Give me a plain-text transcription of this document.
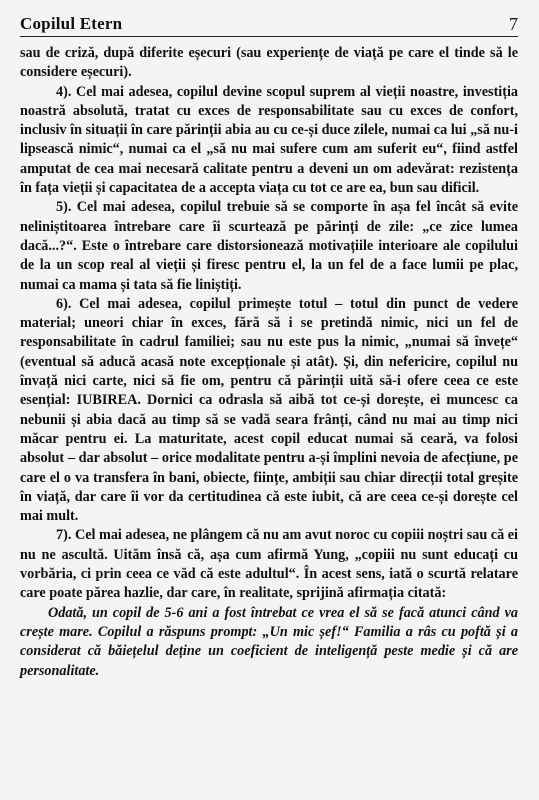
Copilul Etern	7

sau de criză, după diferite eșecuri (sau experiențe de viață pe care el tinde să le considere eșecuri).

4). Cel mai adesea, copilul devine scopul suprem al vieții noastre, investiția noastră absolută, tratat cu exces de responsabilitate sau cu exces de confort, inclusiv în situații în care părinții abia au cu ce-și duce zilele, numai ca lui „să nu-i lipsească nimic“, numai ca el „să nu mai sufere cum am suferit eu“, fiind astfel amputat de cea mai necesară calitate pentru a deveni un om adevărat: rezistența în fața vieții și capacitatea de a accepta viața cu tot ce are ea, bun sau dificil.

5). Cel mai adesea, copilul trebuie să se comporte în așa fel încât să evite neliniștitoarea întrebare care îi scurtează pe părinți de zile: „ce zice lumea dacă...?“. Este o întrebare care distorsionează motivațiile interioare ale copilului de la un scop real al vieții și firesc pentru el, la un fel de a face lumii pe plac, numai ca mama și tata să fie liniștiți.

6). Cel mai adesea, copilul primește totul – totul din punct de vedere material; uneori chiar în exces, fără să i se pretindă nimic, nici un fel de responsabilitate în cadrul familiei; sau nu este pus la nimic, „numai să învețe“ (eventual să aducă acasă note excepționale și atât). Și, din nefericire, copilul nu învață nici carte, nici să fie om, pentru că părinții uită să-i ofere ceea ce este esențial: IUBIREA. Dornici ca odrasla să aibă tot ce-și dorește, ei muncesc ca nebunii și abia dacă au timp să se vadă seara frânți, când nu mai au timp nici măcar pentru ei. La maturitate, acest copil educat numai să ceară, va folosi absolut – dar absolut – orice modalitate pentru a-și împlini nevoia de afecțiune, pe care el o va transfera în bani, obiecte, ființe, ambiții sau chiar direcții total greșite în viață, dar care îi vor da certitudinea că este iubit, că are ceea ce-și dorește cel mai mult.

7). Cel mai adesea, ne plângem că nu am avut noroc cu copiii noștri sau că ei nu ne ascultă. Uităm însă că, așa cum afirmă Yung, „copiii nu sunt educați cu vorbăria, ci prin ceea ce văd că este adultul“. În acest sens, iată o scurtă relatare care poate părea hazlie, dar care, în realitate, sprijină afirmația citată:

Odată, un copil de 5-6 ani a fost întrebat ce vrea el să se facă atunci când va crește mare. Copilul a răspuns prompt: „Un mic șef!“ Familia a râs cu poftă și a considerat că băiețelul deține un coeficient de inteligență peste medie și că are personalitate.
